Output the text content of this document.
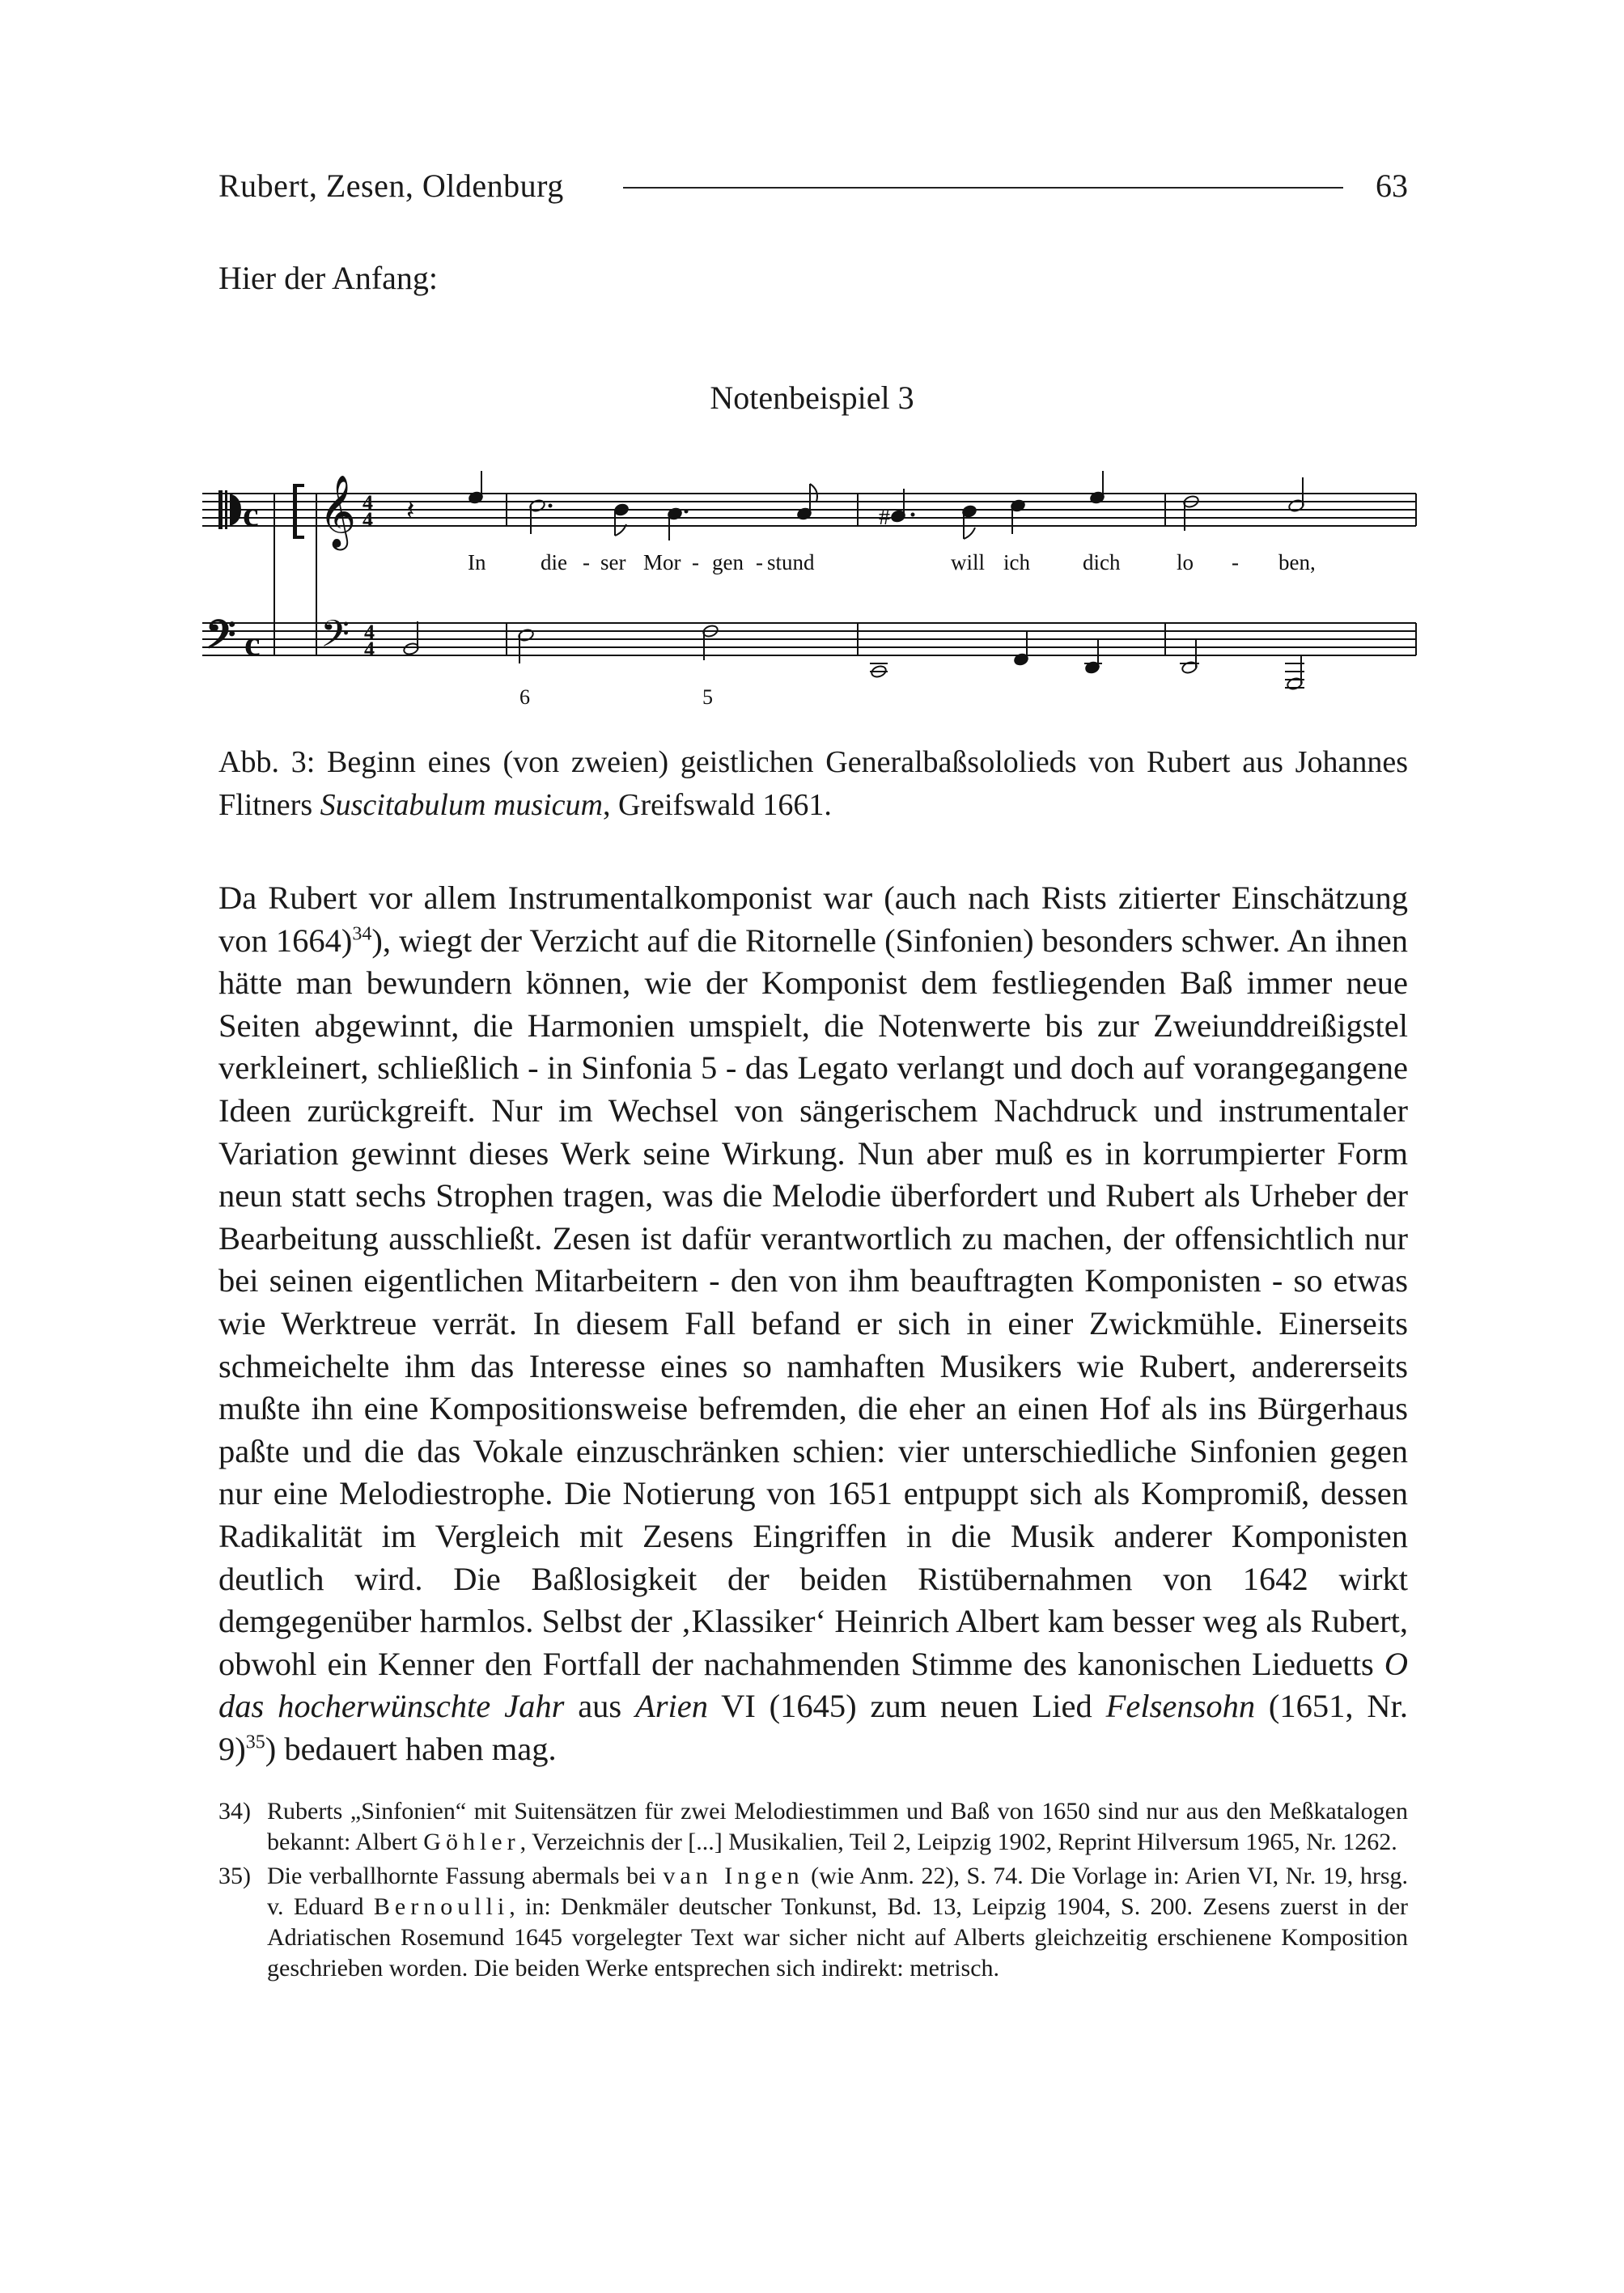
Rubert, Zesen, Oldenburg	63
Hier der Anfang:
Notenbeispiel 3
c
𝄢 c
𝄞
𝄢
4
4
4
4
𝄽	#
In	die - ser Mor - gen - stund	will ich dich	lo - ben,
6	5
Abb. 3: Beginn eines (von zweien) geistlichen Generalbaßsololieds von Rubert aus Johannes Flitners Suscitabulum musicum, Greifswald 1661.

Da Rubert vor allem Instrumentalkomponist war (auch nach Rists zitierter Einschätzung von 1664)$^{34}$), wiegt der Verzicht auf die Ritornelle (Sinfonien) besonders schwer. An ihnen hätte man bewundern können, wie der Komponist dem festliegenden Baß immer neue Seiten abgewinnt, die Harmonien umspielt, die Notenwerte bis zur Zweiunddreißigstel verkleinert, schließlich - in Sinfonia 5 - das Legato verlangt und doch auf vorangegangene Ideen zurückgreift. Nur im Wechsel von sängerischem Nachdruck und instrumentaler Variation gewinnt dieses Werk seine Wirkung. Nun aber muß es in korrumpierter Form neun statt sechs Strophen tragen, was die Melodie überfordert und Rubert als Urheber der Bearbeitung ausschließt. Zesen ist dafür verantwortlich zu machen, der offensichtlich nur bei seinen eigentlichen Mitarbeitern - den von ihm beauftragten Komponisten - so etwas wie Werktreue verrät. In diesem Fall befand er sich in einer Zwickmühle. Einerseits schmeichelte ihm das Interesse eines so namhaften Musikers wie Rubert, andererseits mußte ihn eine Kompositionsweise befremden, die eher an einen Hof als ins Bürgerhaus paßte und die das Vokale einzuschränken schien: vier unterschiedliche Sinfonien gegen nur eine Melodiestrophe. Die Notierung von 1651 entpuppt sich als Kompromiß, dessen Radikalität im Vergleich mit Zesens Eingriffen in die Musik anderer Komponisten deutlich wird. Die Baßlosigkeit der beiden Ristübernahmen von 1642 wirkt demgegenüber harmlos. Selbst der ‚Klassiker‘ Heinrich Albert kam besser weg als Rubert, obwohl ein Kenner den Fortfall der nachahmenden Stimme des kanonischen Lieduetts O das hocherwünschte Jahr aus Arien VI (1645) zum neuen Lied Felsensohn (1651, Nr. 9)$^{35}$) bedauert haben mag.

34) Ruberts „Sinfonien“ mit Suitensätzen für zwei Melodiestimmen und Baß von 1650 sind nur aus den Meßkatalogen bekannt: Albert Göhler, Verzeichnis der [...] Musikalien, Teil 2, Leipzig 1902, Reprint Hilversum 1965, Nr. 1262.
35) Die verballhornte Fassung abermals bei van Ingen (wie Anm. 22), S. 74. Die Vorlage in: Arien VI, Nr. 19, hrsg. v. Eduard Bernoulli, in: Denkmäler deutscher Tonkunst, Bd. 13, Leipzig 1904, S. 200. Zesens zuerst in der Adriatischen Rosemund 1645 vorgelegter Text war sicher nicht auf Alberts gleichzeitig erschienene Komposition geschrieben worden. Die beiden Werke entsprechen sich indirekt: metrisch.
